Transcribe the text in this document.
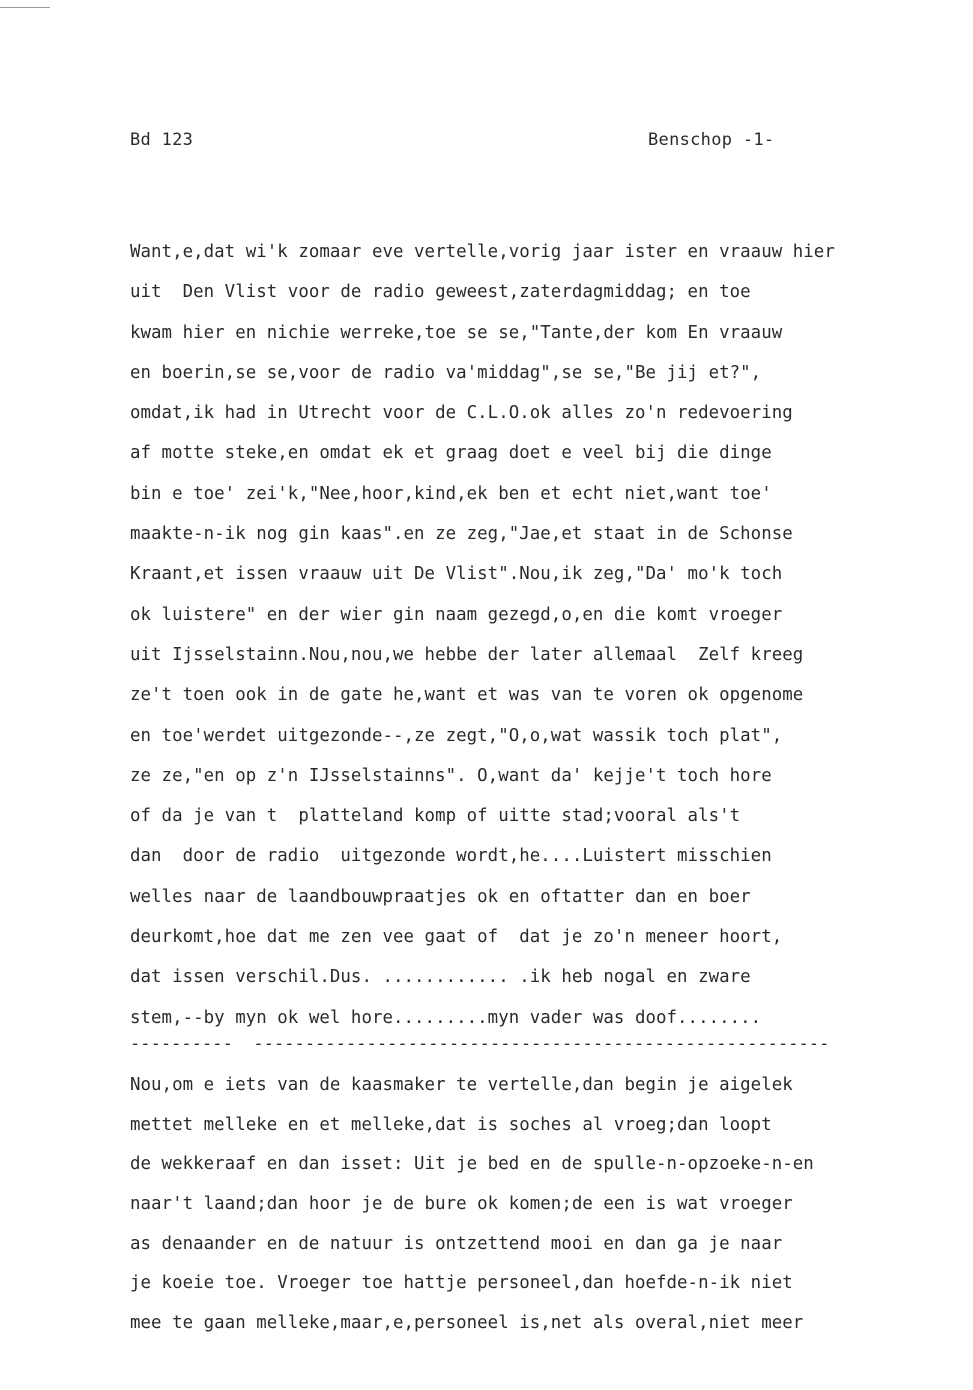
Bd 123	Benschop -1-
Want,e,dat wi'k zomaar eve vertelle,vorig jaar ister en vraauw hier
uit  Den Vlist voor de radio geweest,zaterdagmiddag; en toe
kwam hier en nichie werreke,toe se se,"Tante,der kom En vraauw
en boerin,se se,voor de radio va'middag",se se,"Be jij et?",
omdat,ik had in Utrecht voor de C.L.O.ok alles zo'n redevoering
af motte steke,en omdat ek et graag doet e veel bij die dinge
bin e toe' zei'k,"Nee,hoor,kind,ek ben et echt niet,want toe'
maakte-n-ik nog gin kaas".en ze zeg,"Jae,et staat in de Schonse
Kraant,et issen vraauw uit De Vlist".Nou,ik zeg,"Da' mo'k toch
ok luistere" en der wier gin naam gezegd,o,en die komt vroeger
uit Ijsselstainn.Nou,nou,we hebbe der later allemaal  Zelf kreeg
ze't toen ook in de gate he,want et was van te voren ok opgenome
en toe'werdet uitgezonde--,ze zegt,"O,o,wat wassik toch plat",
ze ze,"en op z'n IJsselstainns". O,want da' kejje't toch hore
of da je van t  platteland komp of uitte stad;vooral als't
dan  door de radio  uitgezonde wordt,he....Luistert misschien
welles naar de laandbouwpraatjes ok en oftatter dan en boer
deurkomt,hoe dat me zen vee gaat of  dat je zo'n meneer hoort,
dat issen verschil.Dus. ............ .ik heb nogal en zware
stem,--by myn ok wel hore.........myn vader was doof........
----------  --------------------------------------------------------
Nou,om e iets van de kaasmaker te vertelle,dan begin je aigelek
mettet melleke en et melleke,dat is soches al vroeg;dan loopt
de wekkeraaf en dan isset: Uit je bed en de spulle-n-opzoeke-n-en
naar't laand;dan hoor je de bure ok komen;de een is wat vroeger
as denaander en de natuur is ontzettend mooi en dan ga je naar
je koeie toe. Vroeger toe hattje personeel,dan hoefde-n-ik niet
mee te gaan melleke,maar,e,personeel is,net als overal,niet meer
